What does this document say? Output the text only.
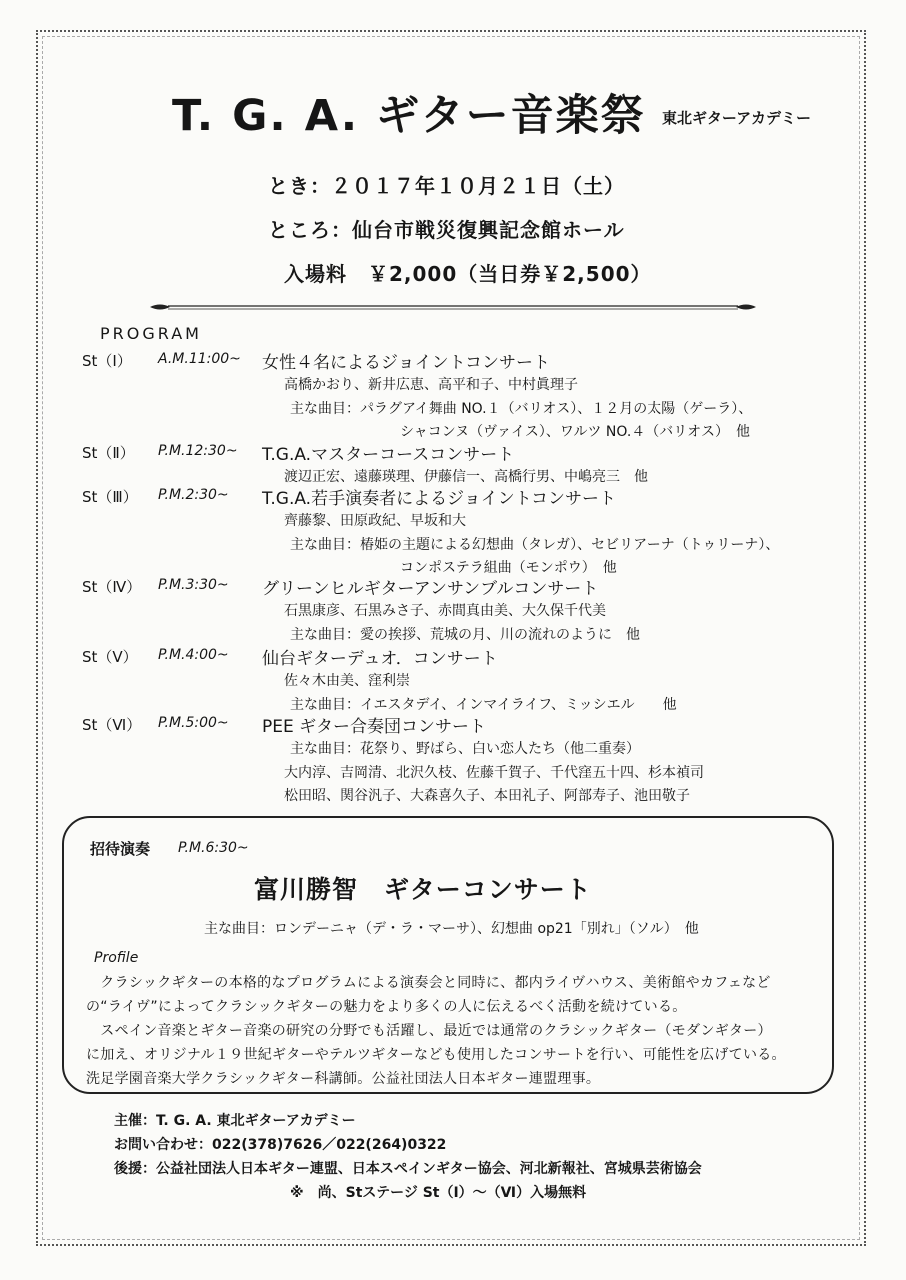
T. G. A. ギター音楽祭 東北ギターアカデミー
とき：２０１７年１０月２１日（土）
ところ：仙台市戦災復興記念館ホール
入場料　￥2,000（当日券￥2,500）
PROGRAM
St（Ⅰ） A.M.11:00~ 女性４名によるジョイントコンサート
高橋かおり、新井広恵、高平和子、中村眞理子
主な曲目：パラグアイ舞曲 NO.１（バリオス）、１２月の太陽（ゲーラ）、
シャコンヌ（ヴァイス）、ワルツ NO.４（バリオス）　他
St（Ⅱ） P.M.12:30~ T.G.A.マスターコースコンサート
渡辺正宏、遠藤瑛理、伊藤信一、高橋行男、中嶋亮三　他
St（Ⅲ） P.M.2:30~ T.G.A.若手演奏者によるジョイントコンサート
齊藤黎、田原政紀、早坂和大
主な曲目：椿姫の主題による幻想曲（タレガ）、セビリアーナ（トゥリーナ）、
コンポステラ組曲（モンポウ）　他
St（Ⅳ） P.M.3:30~ グリーンヒルギターアンサンブルコンサート
石黒康彦、石黒みさ子、赤間真由美、大久保千代美
主な曲目：愛の挨拶、荒城の月、川の流れのように　他
St（Ⅴ） P.M.4:00~ 仙台ギターデュオ．コンサート
佐々木由美、窪利崇
主な曲目：イエスタデイ、インマイライフ、ミッシエル　　他
St（Ⅵ） P.M.5:00~ PEE ギター合奏団コンサート
主な曲目：花祭り、野ばら、白い恋人たち（他二重奏）
大内淳、吉岡清、北沢久枝、佐藤千賀子、千代窪五十四、杉本禎司
松田昭、関谷汎子、大森喜久子、本田礼子、阿部寿子、池田敬子
招待演奏 P.M.6:30~
富川勝智　ギターコンサート
主な曲目：ロンデーニャ（デ・ラ・マーサ）、幻想曲 op21「別れ」（ソル）　他
Profile
　クラシックギターの本格的なプログラムによる演奏会と同時に、都内ライヴハウス、美術館やカフェなど
の“ライヴ”によってクラシックギターの魅力をより多くの人に伝えるべく活動を続けている。
　スペイン音楽とギター音楽の研究の分野でも活躍し、最近では通常のクラシックギター（モダンギター）
に加え、オリジナル１９世紀ギターやテルツギターなども使用したコンサートを行い、可能性を広げている。
洗足学園音楽大学クラシックギター科講師。公益社団法人日本ギター連盟理事。
主催：T. G. A. 東北ギターアカデミー
お問い合わせ：022(378)7626／022(264)0322
後援：公益社団法人日本ギター連盟、日本スペインギター協会、河北新報社、宮城県芸術協会
※　尚、Stステージ St（Ⅰ）～（Ⅵ）入場無料
